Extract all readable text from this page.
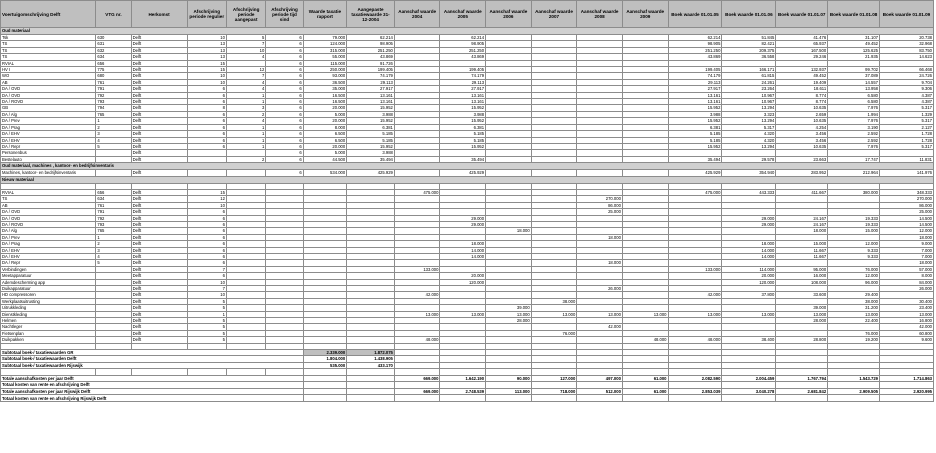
Voertuigomschrijving Delft	VTG nr.	Herkomst	Afschrijving periode regulier	Afschrijving periode aangepast	Afschrijving periode tijd sind	Waarde taxatie rapport	Aangepaste taxatiewaarde 31-12-2004	Aanschaf waarde 2004	Aanschaf waarde 2005	Aanschaf waarde 2006	Aanschaf waarde 2007	Aanschaf waarde 2008	Aanschaf waarde 2009	Boek waarde 01.01.05	Boek waarde 01.01.06	Boek waarde 01.01.07	Boek waarde 01.01.08	Boek waarde 01.01.09
Oud materiaal																		
Tsk	630	Delft	10	5	6	79.000	62.214		62.214					62.214	51.845	41.476	31.107	20.738
TS	631	Delft	13	7	6	124.000	98.905		98.905					98.905	82.421	65.937	49.452	32.968
TS	632	Delft	13	10	6	315.000	251.250		251.250					251.250	209.375	167.500	125.625	83.750
TS	634	Delft	13	4	6	55.000	43.869		43.869					43.869	36.558	29.246	21.935	14.623
RVIAL	656	Delft	15		6	115.000	91.726											
HV I	775	Delft	15	12	6	250.000	199.405		199.405					199.405	166.171	132.937	99.702	66.468
WO	680	Delft	10	7	6	93.000	74.179		74.179					74.179	61.815	49.452	37.089	24.726
AB	761	Delft	10	4	6	36.500	29.113		29.113					29.113	24.261	19.409	14.557	9.704
DA / OVD	791	Delft	6	4	6	35.000	27.917		27.917					27.917	23.264	18.611	13.958	9.306
DA / OVD	792	Delft	6	1	6	16.500	13.161		13.161					13.161	10.967	8.774	6.580	4.387
DA / ROVD	793	Delft	6	1	6	16.500	13.161		13.161					13.161	10.967	8.774	6.580	4.387
GB	794	Delft	8	3	6	20.000	15.952		15.952					15.952	13.294	10.635	7.976	5.317
DA / Alg	765	Delft	6	2	6	5.000	3.988		3.988					3.988	3.323	2.659	1.994	1.329
DA / Prev	1	Delft	6	4	6	20.000	15.952		15.952					15.952	13.294	10.635	7.976	5.317
DA / Prag	2	Delft	6	1	6	8.000	6.381		6.381					6.381	5.317	4.254	3.190	2.127
DA / EHV	3	Delft	6	1	6	6.500	5.185		5.185					5.185	4.320	3.456	2.592	1.728
DA / EHV	4	Delft	6	1	6	6.500	5.185		5.185					5.185	4.320	3.456	2.592	1.728
DA / Repr	5	Delft	6	1	6	20.000	15.952		15.952					15.952	13.294	10.635	7.976	5.317
Personenbus		Delft			6	5.000	3.988											
Bestelauto		Delft		2	6	44.500	35.494		35.494					35.494	29.578	23.663	17.747	11.831
Oud materiaal, machines , kantoor- en bedrijfsinventaris																		
Machines, kantoor- en bedrijfsinventaris		Delft			6	534.000	425.929		425.929					425.929	354.940	283.952	212.964	141.976
Nieuw materiaal																		

RVIAL	656	Delft	15					475.000						475.000	443.333	411.667	380.000	348.333
TS	634	Delft	12									270.000						270.000
AB	761	Delft	10									86.000						86.000
DA / OVD	791	Delft	6									25.000						25.000
DA / OVD	792	Delft	6						29.000						29.000	24.167	19.333	14.500
DA / ROVD	793	Delft	6						29.000						29.000	24.167	19.333	14.500
DA / Alg	765	Delft	6							18.000						18.000	15.000	12.000
DA / Prev	1	Delft	6									18.000						18.000
DA / Prag	2	Delft	6						18.000						18.000	15.000	12.000	9.000
DA / EHV	3	Delft	6						14.000						14.000	11.667	9.333	7.000
DA / EHV	4	Delft	6						14.000						14.000	11.667	9.333	7.000
DA / Repr	5	Delft	6									18.000						18.000
Verbindingen		Delft	7					133.000						133.000	114.000	95.000	76.000	57.000
Meetapparatuur		Delft	6						20.000						20.000	16.000	12.000	8.000
Ademdescherming app		Delft	10						120.000						120.000	108.000	96.000	84.000
Duikapparatuur		Delft	7									26.000						26.000
HD compressoren		Delft	10					42.000						42.000	37.800	33.600	29.400	
Werkplaatsuitrusting		Delft	5								38.000						38.000	30.400
Uitrukkleding		Delft	5							39.000						39.000	31.200	23.400
Dienstkleding		Delft	1					13.000	13.000	13.000	13.000	13.000	13.000	13.000	13.000	13.000	13.000	13.000
Helmen		Delft	5							28.000						28.000	22.400	16.800
Nachtleger		Delft	5									42.000						42.000
Fietsenplan		Delft	5								76.000						76.000	60.800
Duikpakken		Delft	5					48.000					48.000	48.000	38.400	28.800	19.200	9.600

Subtotaal boek-/ taxatiewaarden GR						2.339.000	1.872.075											
Subtotaal boek-/ taxatiewaarden Delft						1.804.000	1.438.905											
Subtotaal boek-/ taxatiewaarden Rijswijk						535.000	433.170											

Totale aanschafkosten per jaar Delft								669.000	1.642.190	90.000	127.000	497.000	61.000	2.082.590	2.004.459	1.767.794	1.543.729	1.714.863
Totaal kosten van rente en afschrijving Delft																		
Totale aanschafkosten per jaar Rijswijk Delft								669.000	2.748.539	113.000	718.000	512.000	61.000	2.853.039	3.040.278	2.681.842	2.909.505	2.920.995
Totaal kosten van rente en afschrijving Rijswijk Delft																		
